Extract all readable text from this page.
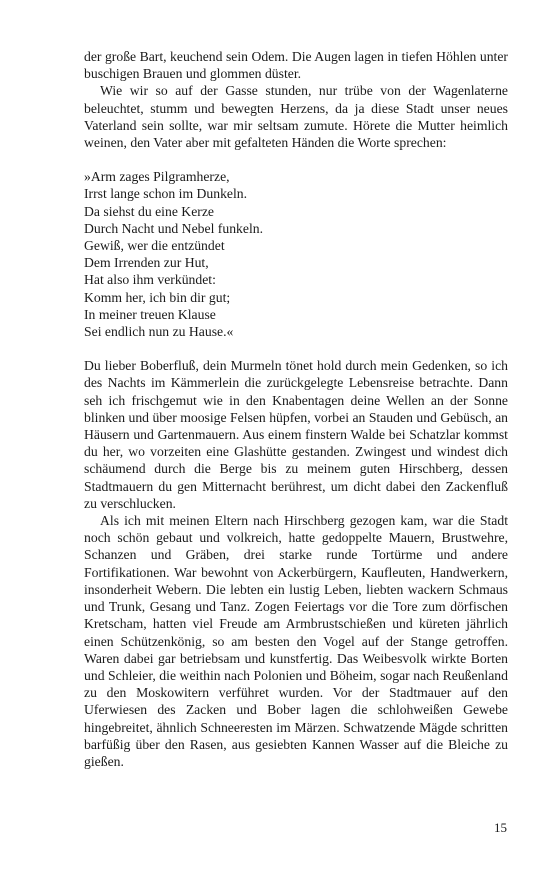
der große Bart, keuchend sein Odem. Die Augen lagen in tiefen Höhlen unter buschigen Brauen und glommen düster.

Wie wir so auf der Gasse stunden, nur trübe von der Wagenlaterne beleuchtet, stumm und bewegten Herzens, da ja diese Stadt unser neues Vaterland sein sollte, war mir seltsam zumute. Hörete die Mutter heimlich weinen, den Vater aber mit gefalteten Händen die Worte sprechen:

»Arm zages Pilgramherze,
Irrst lange schon im Dunkeln.
Da siehst du eine Kerze
Durch Nacht und Nebel funkeln.
Gewiß, wer die entzündet
Dem Irrenden zur Hut,
Hat also ihm verkündet:
Komm her, ich bin dir gut;
In meiner treuen Klause
Sei endlich nun zu Hause.«

Du lieber Boberfluß, dein Murmeln tönet hold durch mein Gedenken, so ich des Nachts im Kämmerlein die zurückgelegte Lebensreise betrachte. Dann seh ich frischgemut wie in den Knabentagen deine Wellen an der Sonne blinken und über moosige Felsen hüpfen, vorbei an Stauden und Gebüsch, an Häusern und Gartenmauern. Aus einem finstern Walde bei Schatzlar kommst du her, wo vorzeiten eine Glashütte gestanden. Zwingest und windest dich schäumend durch die Berge bis zu meinem guten Hirschberg, dessen Stadtmauern du gen Mitternacht berührest, um dicht dabei den Zackenfluß zu verschlucken.

Als ich mit meinen Eltern nach Hirschberg gezogen kam, war die Stadt noch schön gebaut und volkreich, hatte gedoppelte Mauern, Brustwehre, Schanzen und Gräben, drei starke runde Tortürme und andere Fortifikationen. War bewohnt von Ackerbürgern, Kaufleuten, Handwerkern, insonderheit Webern. Die lebten ein lustig Leben, liebten wackern Schmaus und Trunk, Gesang und Tanz. Zogen Feiertags vor die Tore zum dörfischen Kretscham, hatten viel Freude am Armbrustschießen und küreten jährlich einen Schützenkönig, so am besten den Vogel auf der Stange getroffen. Waren dabei gar betriebsam und kunstfertig. Das Weibesvolk wirkte Borten und Schleier, die weithin nach Polonien und Böheim, sogar nach Reußenland zu den Moskowitern verführet wurden. Vor der Stadtmauer auf den Uferwiesen des Zacken und Bober lagen die schlohweißen Gewebe hingebreitet, ähnlich Schneeresten im Märzen. Schwatzende Mägde schritten barfüßig über den Rasen, aus gesiebten Kannen Wasser auf die Bleiche zu gießen.

15
